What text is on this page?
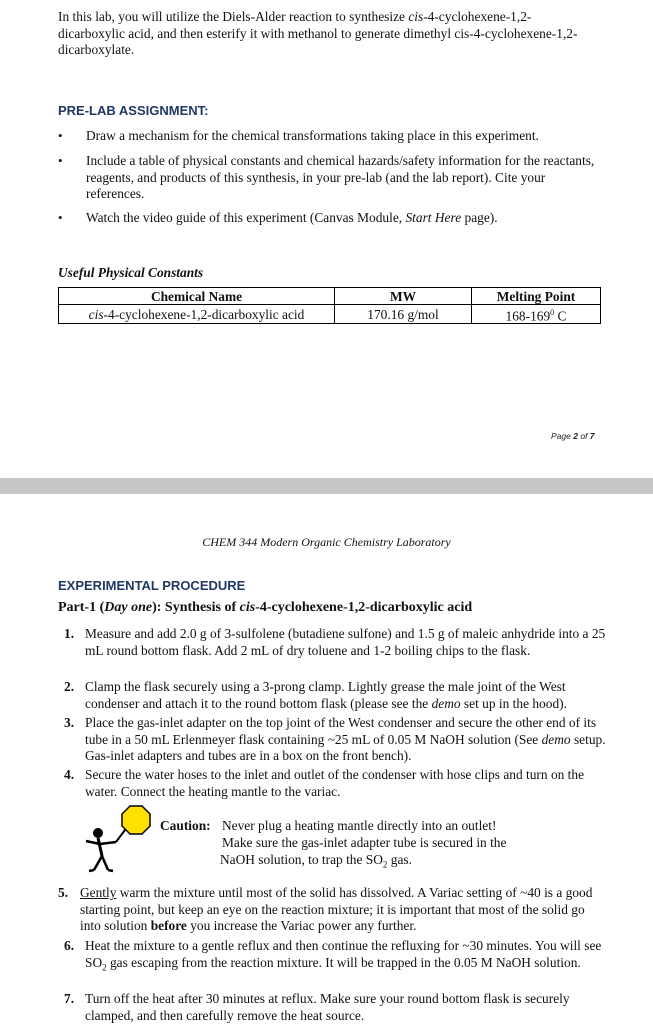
In this lab, you will utilize the Diels-Alder reaction to synthesize cis-4-cyclohexene-1,2-dicarboxylic acid, and then esterify it with methanol to generate dimethyl cis-4-cyclohexene-1,2-dicarboxylate.
PRE-LAB ASSIGNMENT:
• Draw a mechanism for the chemical transformations taking place in this experiment.
• Include a table of physical constants and chemical hazards/safety information for the reactants, reagents, and products of this synthesis, in your pre-lab (and the lab report). Cite your references.
• Watch the video guide of this experiment (Canvas Module, Start Here page).
Useful Physical Constants
Chemical Name	MW	Melting Point
cis-4-cyclohexene-1,2-dicarboxylic acid	170.16 g/mol	$168-169^0$ C
Page 2 of 7
CHEM 344 Modern Organic Chemistry Laboratory
EXPERIMENTAL PROCEDURE
Part-1 (Day one): Synthesis of cis-4-cyclohexene-1,2-dicarboxylic acid
1. Measure and add 2.0 g of 3-sulfolene (butadiene sulfone) and 1.5 g of maleic anhydride into a 25 mL round bottom flask. Add 2 mL of dry toluene and 1-2 boiling chips to the flask.
2. Clamp the flask securely using a 3-prong clamp. Lightly grease the male joint of the West condenser and attach it to the round bottom flask (please see the demo set up in the hood).
3. Place the gas-inlet adapter on the top joint of the West condenser and secure the other end of its tube in a 50 mL Erlenmeyer flask containing ~25 mL of 0.05 M NaOH solution (See demo setup. Gas-inlet adapters and tubes are in a box on the front bench).
4. Secure the water hoses to the inlet and outlet of the condenser with hose clips and turn on the water. Connect the heating mantle to the variac.
Caution: Never plug a heating mantle directly into an outlet!
Make sure the gas-inlet adapter tube is secured in the
NaOH solution, to trap the $SO_2$ gas.
5. Gently warm the mixture until most of the solid has dissolved. A Variac setting of ~40 is a good starting point, but keep an eye on the reaction mixture; it is important that most of the solid go into solution before you increase the Variac power any further.
6. Heat the mixture to a gentle reflux and then continue the refluxing for ~30 minutes. You will see $SO_2$ gas escaping from the reaction mixture. It will be trapped in the 0.05 M NaOH solution.
7. Turn off the heat after 30 minutes at reflux. Make sure your round bottom flask is securely clamped, and then carefully remove the heat source.
